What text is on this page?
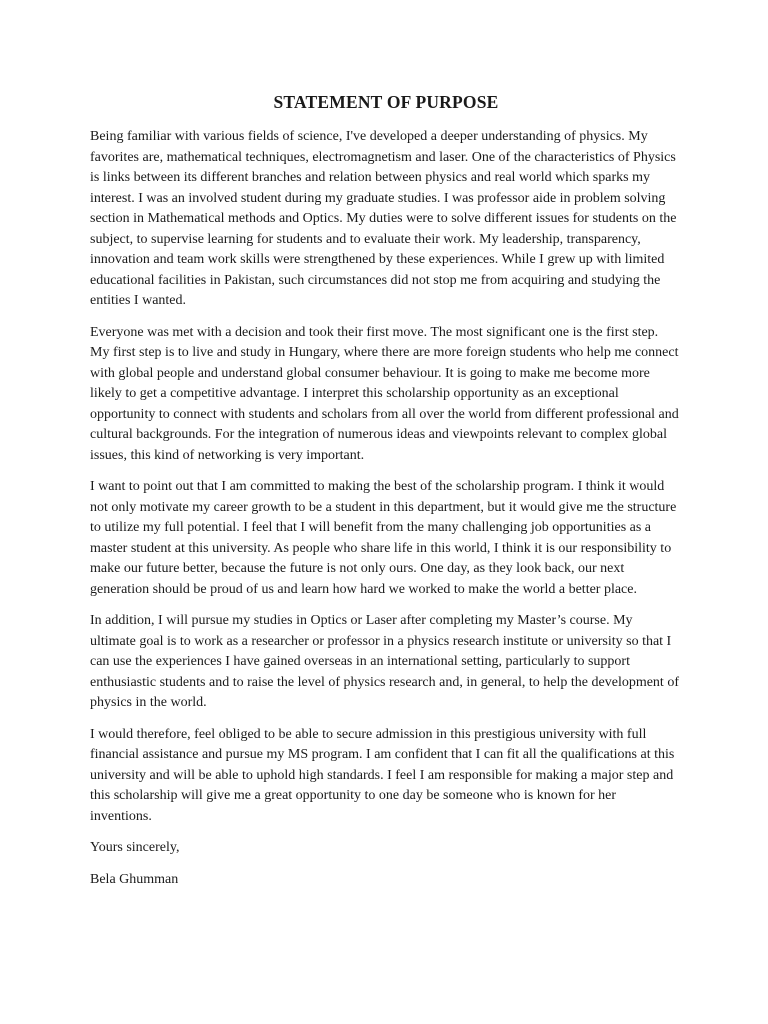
STATEMENT OF PURPOSE

Being familiar with various fields of science, I've developed a deeper understanding of physics. My favorites are, mathematical techniques, electromagnetism and laser. One of the characteristics of Physics is links between its different branches and relation between physics and real world which sparks my interest. I was an involved student during my graduate studies. I was professor aide in problem solving section in Mathematical methods and Optics. My duties were to solve different issues for students on the subject, to supervise learning for students and to evaluate their work. My leadership, transparency, innovation and team work skills were strengthened by these experiences. While I grew up with limited educational facilities in Pakistan, such circumstances did not stop me from acquiring and studying the entities I wanted.

Everyone was met with a decision and took their first move. The most significant one is the first step. My first step is to live and study in Hungary, where there are more foreign students who help me connect with global people and understand global consumer behaviour. It is going to make me become more likely to get a competitive advantage. I interpret this scholarship opportunity as an exceptional opportunity to connect with students and scholars from all over the world from different professional and cultural backgrounds. For the integration of numerous ideas and viewpoints relevant to complex global issues, this kind of networking is very important.

I want to point out that I am committed to making the best of the scholarship program. I think it would not only motivate my career growth to be a student in this department, but it would give me the structure to utilize my full potential. I feel that I will benefit from the many challenging job opportunities as a master student at this university. As people who share life in this world, I think it is our responsibility to make our future better, because the future is not only ours. One day, as they look back, our next generation should be proud of us and learn how hard we worked to make the world a better place.

In addition, I will pursue my studies in Optics or Laser after completing my Master’s course. My ultimate goal is to work as a researcher or professor in a physics research institute or university so that I can use the experiences I have gained overseas in an international setting, particularly to support enthusiastic students and to raise the level of physics research and, in general, to help the development of physics in the world.

I would therefore, feel obliged to be able to secure admission in this prestigious university with full financial assistance and pursue my MS program. I am confident that I can fit all the qualifications at this university and will be able to uphold high standards. I feel I am responsible for making a major step and this scholarship will give me a great opportunity to one day be someone who is known for her inventions.

Yours sincerely,

Bela Ghumman
